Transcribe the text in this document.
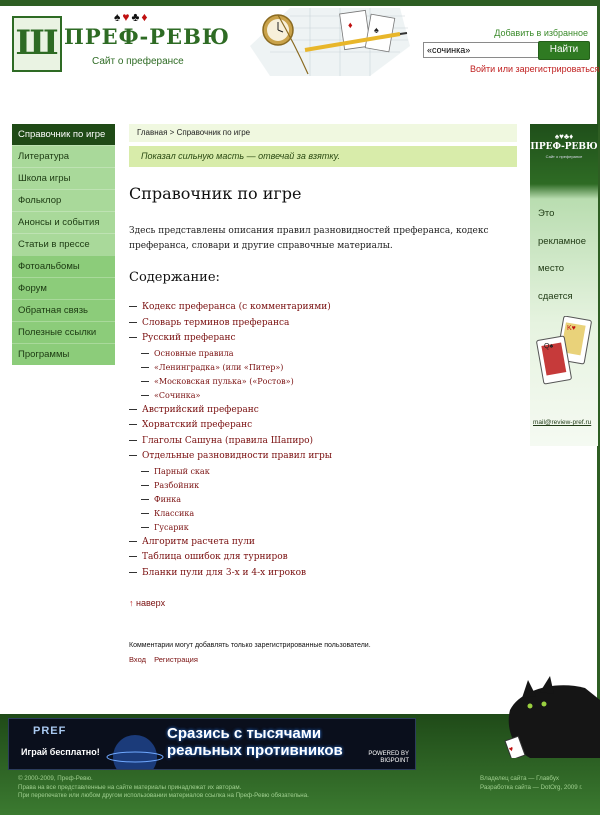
Ш
♠♥♣♦
ПРЕФ-РЕВЮ
Сайт о преферансе
♦ ♠	Добавить в избранное
«сочинка»
Найти
Войти или зарегистрироваться
Справочник по игре
Литература
Школа игры
Фольклор
Анонсы и события
Статьи в прессе
Фотоальбомы
Форум
Обратная связь
Полезные ссылки
Программы
Главная > Справочник по игре
Показал сильную масть — отвечай за взятку.
Справочник по игре
Здесь представлены описания правил разновидностей преферанса, кодекс преферанса, словари и другие справочные материалы.
Содержание:
Кодекс преферанса (с комментариями)
Словарь терминов преферанса
Русский преферанс
Основные правила
«Ленинградка» (или «Питер»)
«Московская пулька» («Ростов»)
«Сочинка»
Австрийский преферанс
Хорватский преферанс
Глаголы Сашуна (правила Шапиро)
Отдельные разновидности правил игры
Парный скак
Разбойник
Финка
Классика
Гусарик
Алгоритм расчета пули
Таблица ошибок для турниров
Бланки пули для 3-х и 4-х игроков
↑ наверх
Комментарии могут добавлять только зарегистрированные пользователи.
Вход Регистрация
♠♥♣♦
ПРЕФ-РЕВЮ
Сайт о преферансе
Это
рекламное
место
сдается
K♥
Q♠
mail@review-pref.ru
♥
PREF
Играй бесплатно!
Сразись с тысячами
реальных противников	POWERED BY
BIGPOINT
© 2000-2009, Преф-Ревю.
Права на все представленные на сайте материалы принадлежат их авторам.
При перепечатке или любом другом использовании материалов ссылка на Преф-Ревю обязательна.
Владелец сайта — Главбух
Разработка сайта — DotOrg, 2009 г.
